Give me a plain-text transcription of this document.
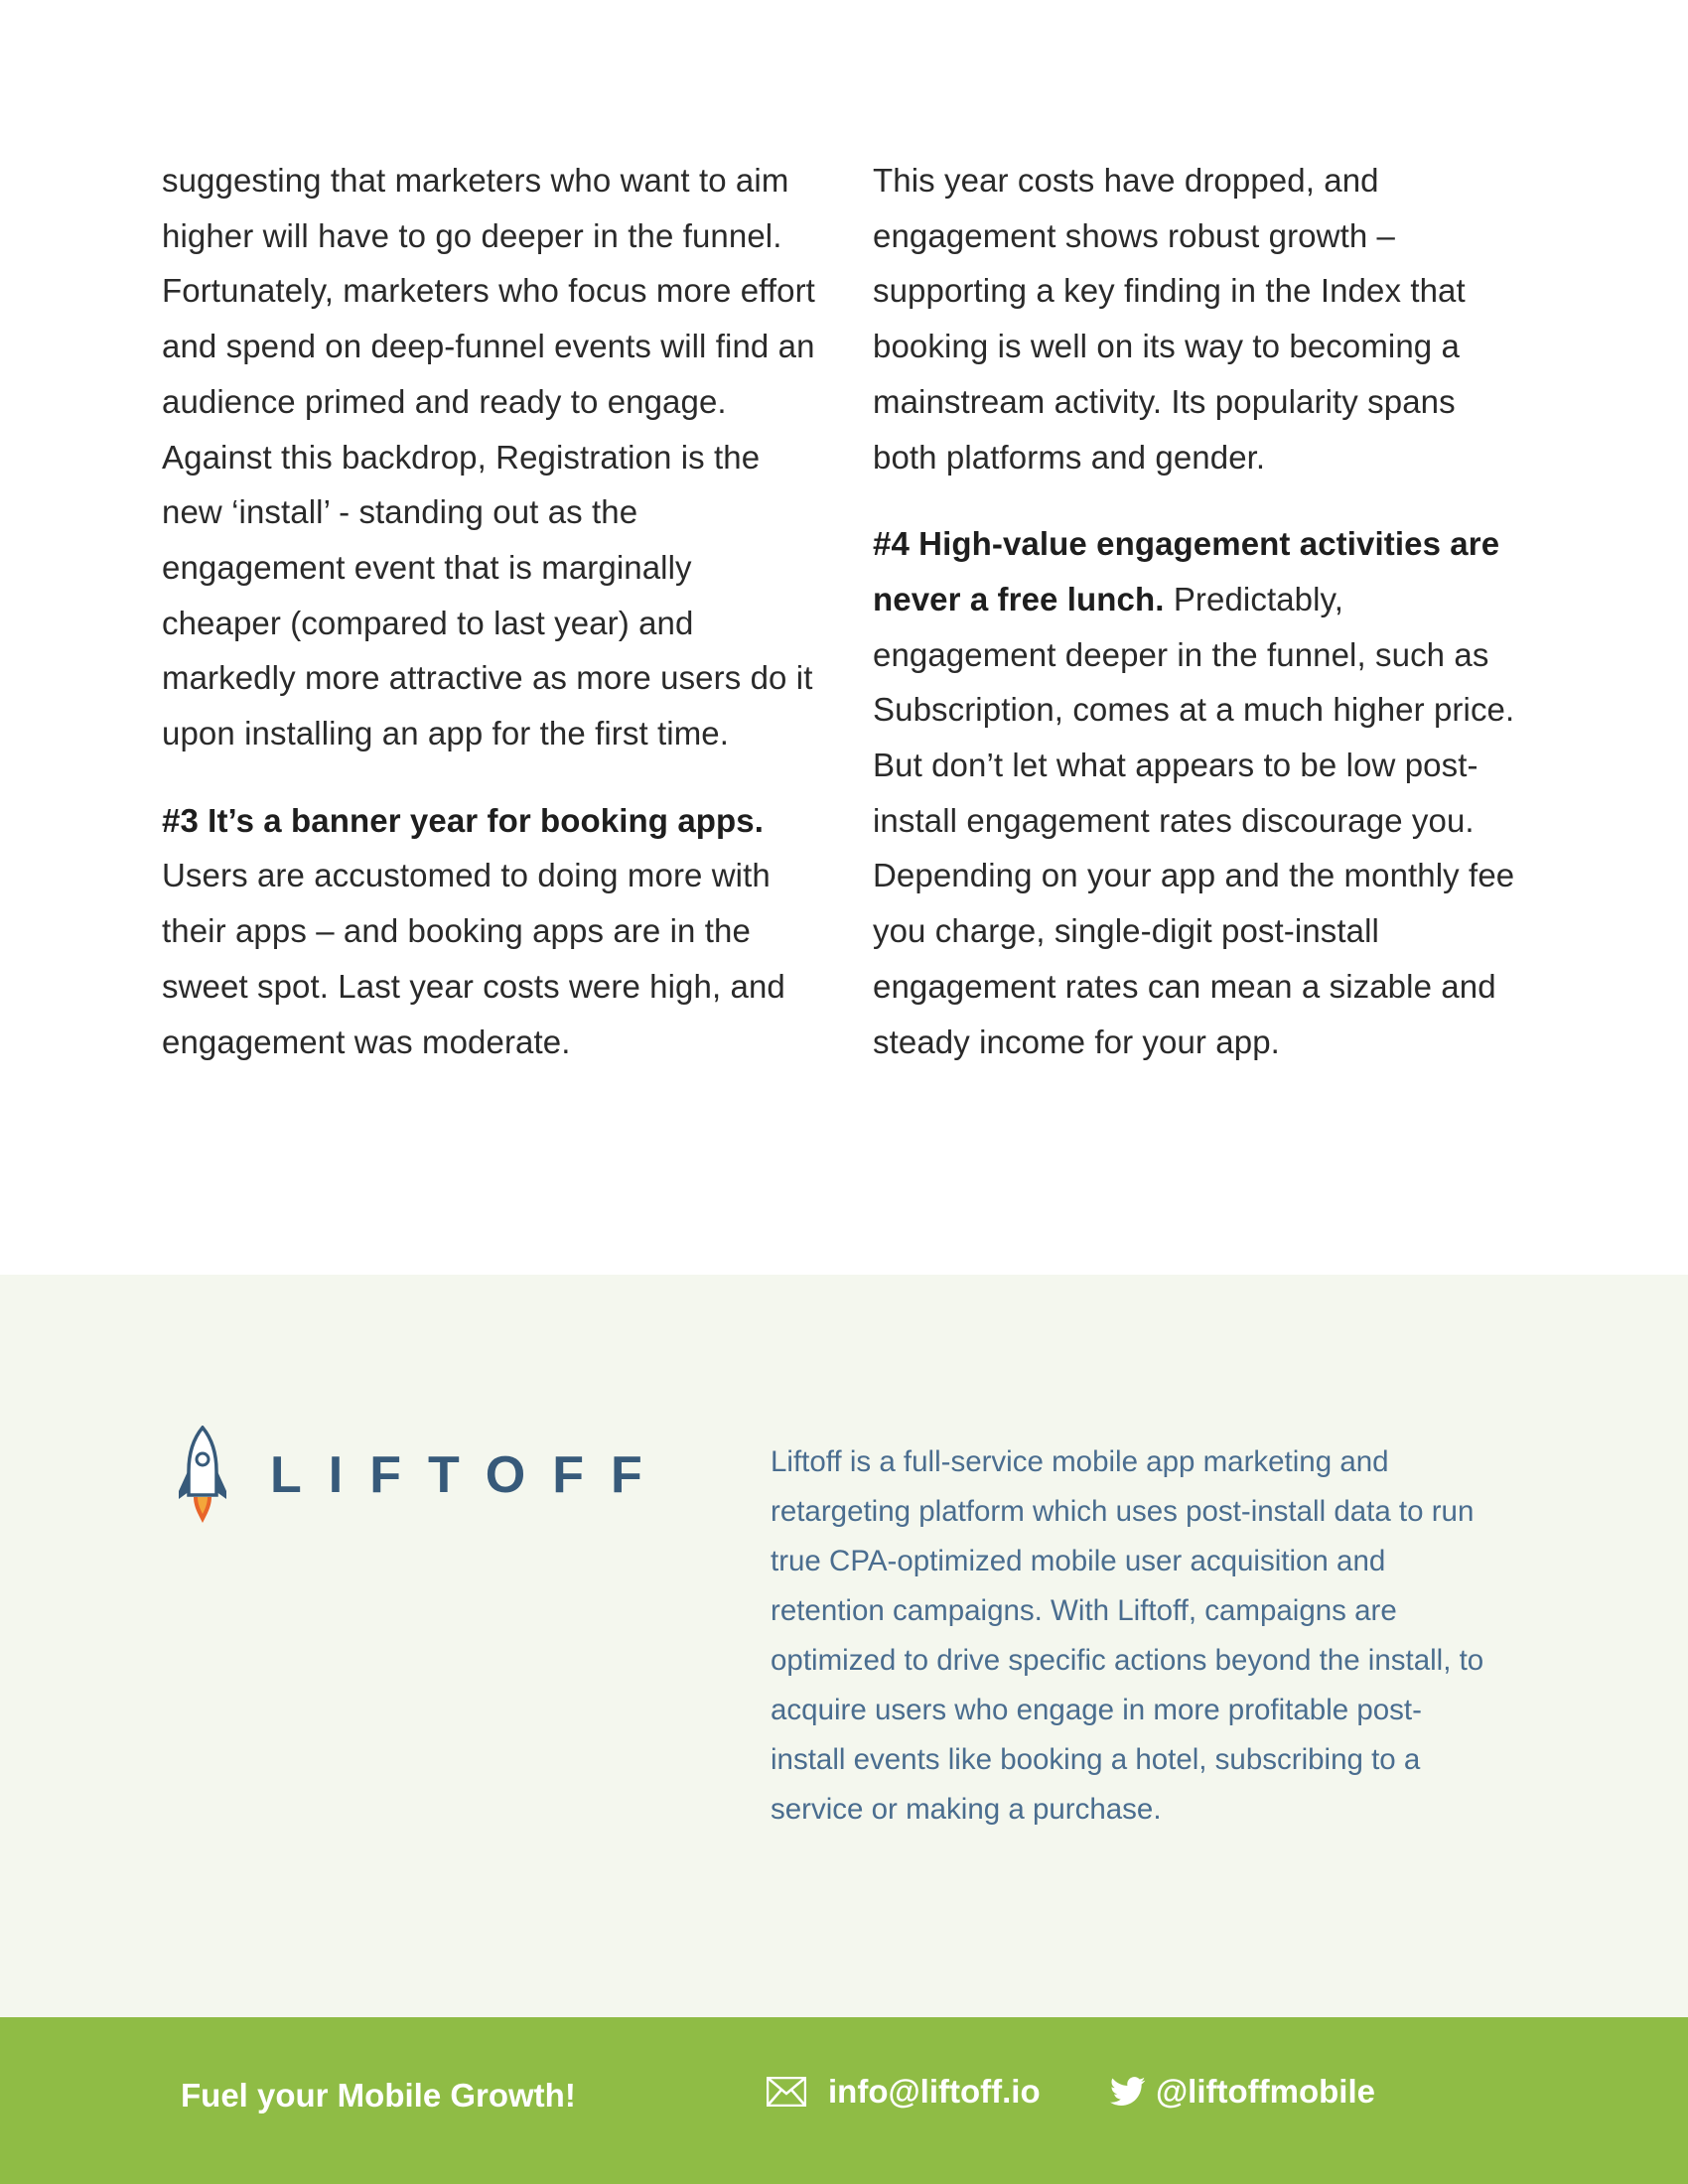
suggesting that marketers who want to aim higher will have to go deeper in the funnel. Fortunately, marketers who focus more effort and spend on deep-funnel events will find an audience primed and ready to engage. Against this backdrop, Registration is the new ‘install’ - standing out as the engagement event that is marginally cheaper (compared to last year) and markedly more attractive as more users do it upon installing an app for the first time.

#3 It’s a banner year for booking apps.
Users are accustomed to doing more with their apps – and booking apps are in the sweet spot. Last year costs were high, and engagement was moderate.

This year costs have dropped, and engagement shows robust growth – supporting a key finding in the Index that booking is well on its way to becoming a mainstream activity. Its popularity spans both platforms and gender.

#4 High-value engagement activities are never a free lunch. Predictably, engagement deeper in the funnel, such as Subscription, comes at a much higher price. But don’t let what appears to be low post-install engagement rates discourage you. Depending on your app and the monthly fee you charge, single-digit post-install engagement rates can mean a sizable and steady income for your app.

LIFTOFF	Liftoff is a full-service mobile app marketing and retargeting platform which uses post-install data to run true CPA-optimized mobile user acquisition and retention campaigns. With Liftoff, campaigns are optimized to drive specific actions beyond the install, to acquire users who engage in more profitable post-install events like booking a hotel, subscribing to a service or making a purchase.
Fuel your Mobile Growth!	info@liftoff.io	@liftoffmobile
